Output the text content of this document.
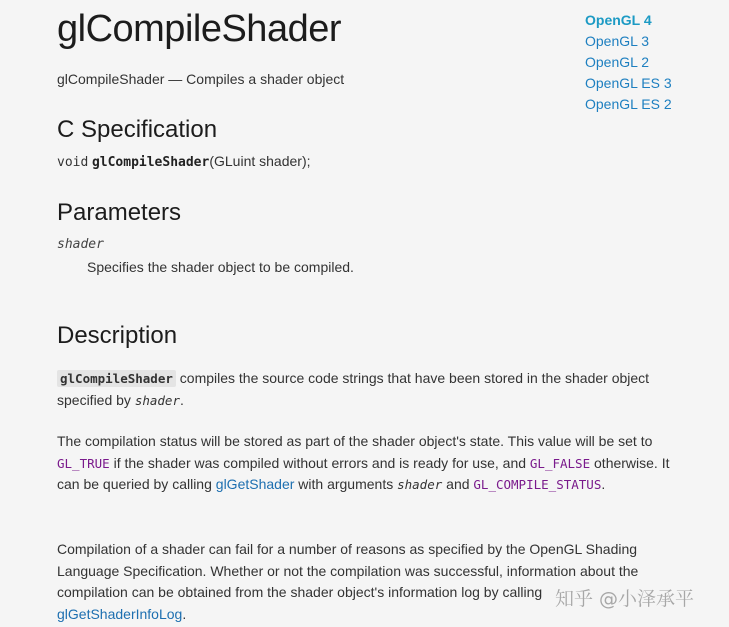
glCompileShader
glCompileShader — Compiles a shader object
C Specification
void glCompileShader(GLuint shader);
Parameters
shader
Specifies the shader object to be compiled.
Description
glCompileShader compiles the source code strings that have been stored in the shader object specified by shader.
The compilation status will be stored as part of the shader object's state. This value will be set to GL_TRUE if the shader was compiled without errors and is ready for use, and GL_FALSE otherwise. It can be queried by calling glGetShader with arguments shader and GL_COMPILE_STATUS.
Compilation of a shader can fail for a number of reasons as specified by the OpenGL Shading Language Specification. Whether or not the compilation was successful, information about the compilation can be obtained from the shader object's information log by calling glGetShaderInfoLog.
OpenGL 4
OpenGL 3
OpenGL 2
OpenGL ES 3
OpenGL ES 2
知乎 @小泽承平
